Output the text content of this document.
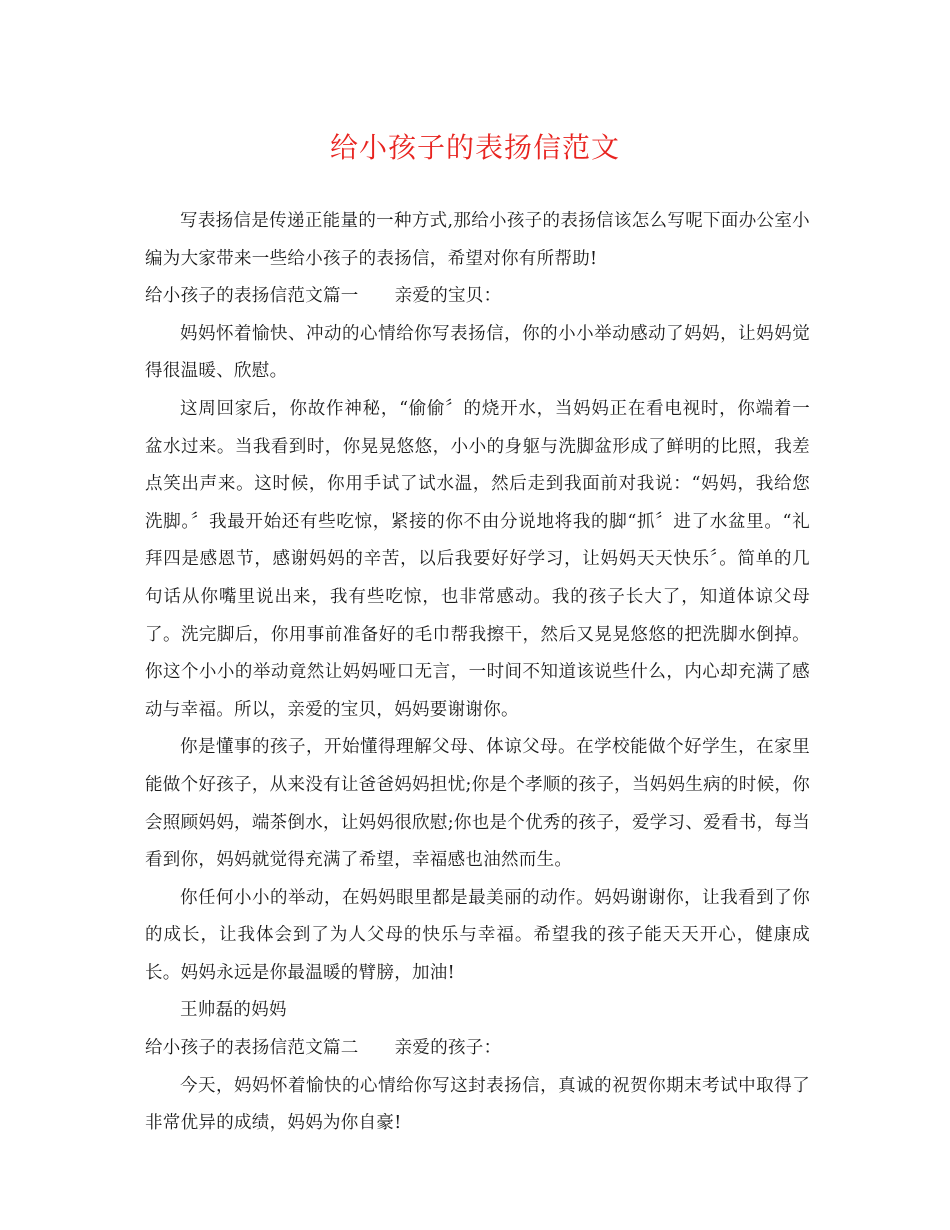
给小孩子的表扬信范文

写表扬信是传递正能量的一种方式,那给小孩子的表扬信该怎么写呢下面办公室小编为大家带来一些给小孩子的表扬信，希望对你有所帮助!

给小孩子的表扬信范文篇一 亲爱的宝贝：

妈妈怀着愉快、冲动的心情给你写表扬信，你的小小举动感动了妈妈，让妈妈觉得很温暖、欣慰。

这周回家后，你故作神秘，“偷偷〞的烧开水，当妈妈正在看电视时，你端着一盆水过来。当我看到时，你晃晃悠悠，小小的身躯与洗脚盆形成了鲜明的比照，我差点笑出声来。这时候，你用手试了试水温，然后走到我面前对我说：“妈妈，我给您洗脚。〞我最开始还有些吃惊，紧接的你不由分说地将我的脚“抓〞进了水盆里。“礼拜四是感恩节，感谢妈妈的辛苦，以后我要好好学习，让妈妈天天快乐〞。简单的几句话从你嘴里说出来，我有些吃惊，也非常感动。我的孩子长大了，知道体谅父母了。洗完脚后，你用事前准备好的毛巾帮我擦干，然后又晃晃悠悠的把洗脚水倒掉。你这个小小的举动竟然让妈妈哑口无言，一时间不知道该说些什么，内心却充满了感动与幸福。所以，亲爱的宝贝，妈妈要谢谢你。

你是懂事的孩子，开始懂得理解父母、体谅父母。在学校能做个好学生，在家里能做个好孩子，从来没有让爸爸妈妈担忧;你是个孝顺的孩子，当妈妈生病的时候，你会照顾妈妈，端茶倒水，让妈妈很欣慰;你也是个优秀的孩子，爱学习、爱看书，每当看到你，妈妈就觉得充满了希望，幸福感也油然而生。

你任何小小的举动，在妈妈眼里都是最美丽的动作。妈妈谢谢你，让我看到了你的成长，让我体会到了为人父母的快乐与幸福。希望我的孩子能天天开心，健康成长。妈妈永远是你最温暖的臂膀，加油!

王帅磊的妈妈

给小孩子的表扬信范文篇二 亲爱的孩子：

今天，妈妈怀着愉快的心情给你写这封表扬信，真诚的祝贺你期末考试中取得了非常优异的成绩，妈妈为你自豪!
